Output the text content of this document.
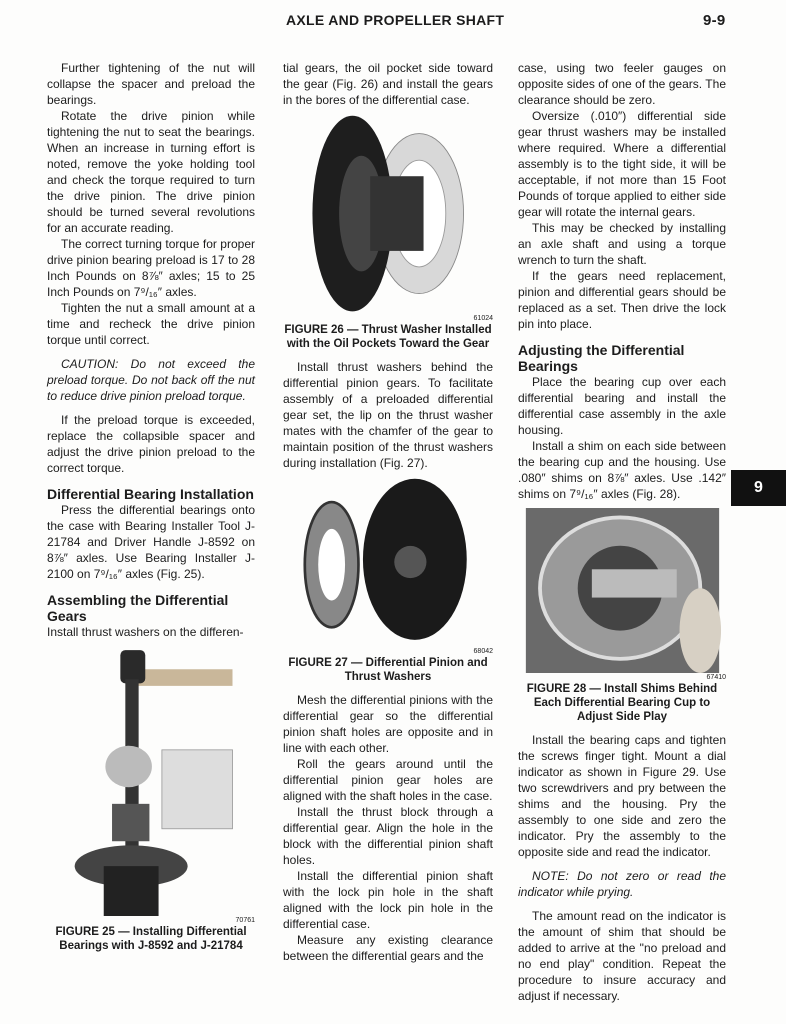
AXLE AND PROPELLER SHAFT	9-9
9

Further tightening of the nut will collapse the spacer and preload the bearings.

Rotate the drive pinion while tightening the nut to seat the bearings. When an increase in turning effort is noted, remove the yoke holding tool and check the torque required to turn the drive pinion. The drive pinion should be turned several revolutions for an accurate reading.

The correct turning torque for proper drive pinion bearing preload is 17 to 28 Inch Pounds on 8⅞″ axles; 15 to 25 Inch Pounds on 7⁹/₁₆″ axles.

Tighten the nut a small amount at a time and recheck the drive pinion torque until correct.

CAUTION: Do not exceed the preload torque. Do not back off the nut to reduce drive pinion preload torque.

If the preload torque is exceeded, replace the collapsible spacer and adjust the drive pinion preload to the correct torque.

Differential Bearing Installation

Press the differential bearings onto the case with Bearing Installer Tool J-21784 and Driver Handle J-8592 on 8⅞″ axles. Use Bearing Installer J-2100 on 7⁹/₁₆″ axles (Fig. 25).

Assembling the Differential Gears

Install thrust washers on the differen-

70761
FIGURE 25 — Installing Differential Bearings with J-8592 and J-21784

tial gears, the oil pocket side toward the gear (Fig. 26) and install the gears in the bores of the differential case.

61024
FIGURE 26 — Thrust Washer Installed with the Oil Pockets Toward the Gear

Install thrust washers behind the differential pinion gears. To facilitate assembly of a preloaded differential gear set, the lip on the thrust washer mates with the chamfer of the gear to maintain position of the thrust washers during installation (Fig. 27).

68042
FIGURE 27 — Differential Pinion and Thrust Washers

Mesh the differential pinions with the differential gear so the differential pinion shaft holes are opposite and in line with each other.

Roll the gears around until the differential pinion gear holes are aligned with the shaft holes in the case.

Install the thrust block through a differential gear. Align the hole in the block with the differential pinion shaft holes.

Install the differential pinion shaft with the lock pin hole in the shaft aligned with the lock pin hole in the differential case.

Measure any existing clearance between the differential gears and the

case, using two feeler gauges on opposite sides of one of the gears. The clearance should be zero.

Oversize (.010″) differential side gear thrust washers may be installed where required. Where a differential assembly is to the tight side, it will be acceptable, if not more than 15 Foot Pounds of torque applied to either side gear will rotate the internal gears.

This may be checked by installing an axle shaft and using a torque wrench to turn the shaft.

If the gears need replacement, pinion and differential gears should be replaced as a set. Then drive the lock pin into place.

Adjusting the Differential Bearings

Place the bearing cup over each differential bearing and install the differential case assembly in the axle housing.

Install a shim on each side between the bearing cup and the housing. Use .080″ shims on 8⅞″ axles. Use .142″ shims on 7⁹/₁₆″ axles (Fig. 28).

67410
FIGURE 28 — Install Shims Behind Each Differential Bearing Cup to Adjust Side Play

Install the bearing caps and tighten the screws finger tight. Mount a dial indicator as shown in Figure 29. Use two screwdrivers and pry between the shims and the housing. Pry the assembly to one side and zero the indicator. Pry the assembly to the opposite side and read the indicator.

NOTE: Do not zero or read the indicator while prying.

The amount read on the indicator is the amount of shim that should be added to arrive at the "no preload and no end play" condition. Repeat the procedure to insure accuracy and adjust if necessary.
